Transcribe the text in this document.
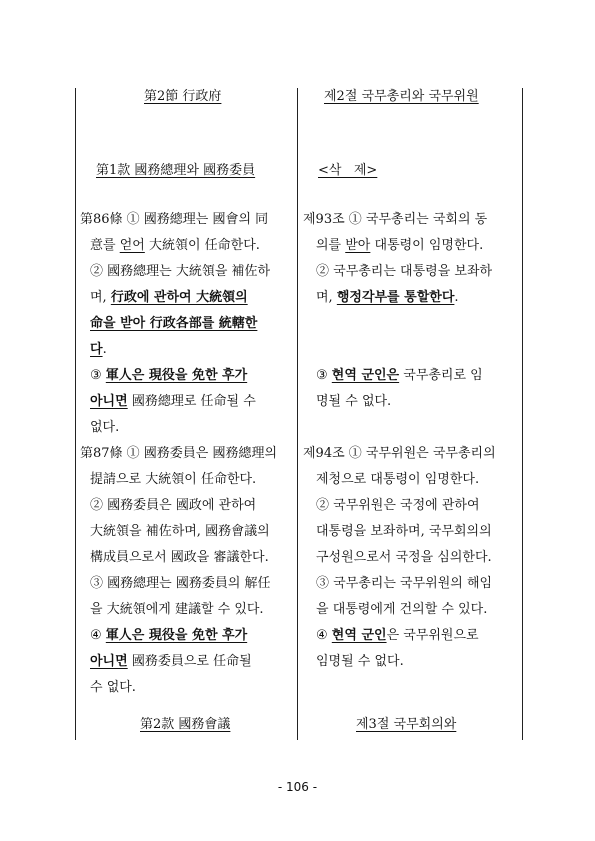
第2節 行政府
第1款 國務總理와 國務委員
第86條 ① 國務總理는 國會의 同
意를 얻어 大統領이 任命한다.
② 國務總理는 大統領을 補佐하
며, 行政에 관하여 大統領의
命을 받아 行政各部를 統轄한
다.
③ 軍人은 現役을 免한 후가
아니면 國務總理로 任命될 수
없다.
第87條 ① 國務委員은 國務總理의
提請으로 大統領이 任命한다.
② 國務委員은 國政에 관하여
大統領을 補佐하며, 國務會議의
構成員으로서 國政을 審議한다.
③ 國務總理는 國務委員의 解任
을 大統領에게 建議할 수 있다.
④ 軍人은 現役을 免한 후가
아니면 國務委員으로 任命될
수 없다.
第2款 國務會議
제2절 국무총리와 국무위원
<삭   제>
제93조 ① 국무총리는 국회의 동
의를 받아 대통령이 임명한다.
② 국무총리는 대통령을 보좌하
며, 행정각부를 통할한다.
③ 현역 군인은 국무총리로 임
명될 수 없다.
제94조 ① 국무위원은 국무총리의
제청으로 대통령이 임명한다.
② 국무위원은 국정에 관하여
대통령을 보좌하며, 국무회의의
구성원으로서 국정을 심의한다.
③ 국무총리는 국무위원의 해임
을 대통령에게 건의할 수 있다.
④ 현역 군인은 국무위원으로
임명될 수 없다.
제3절 국무회의와
- 106 -
